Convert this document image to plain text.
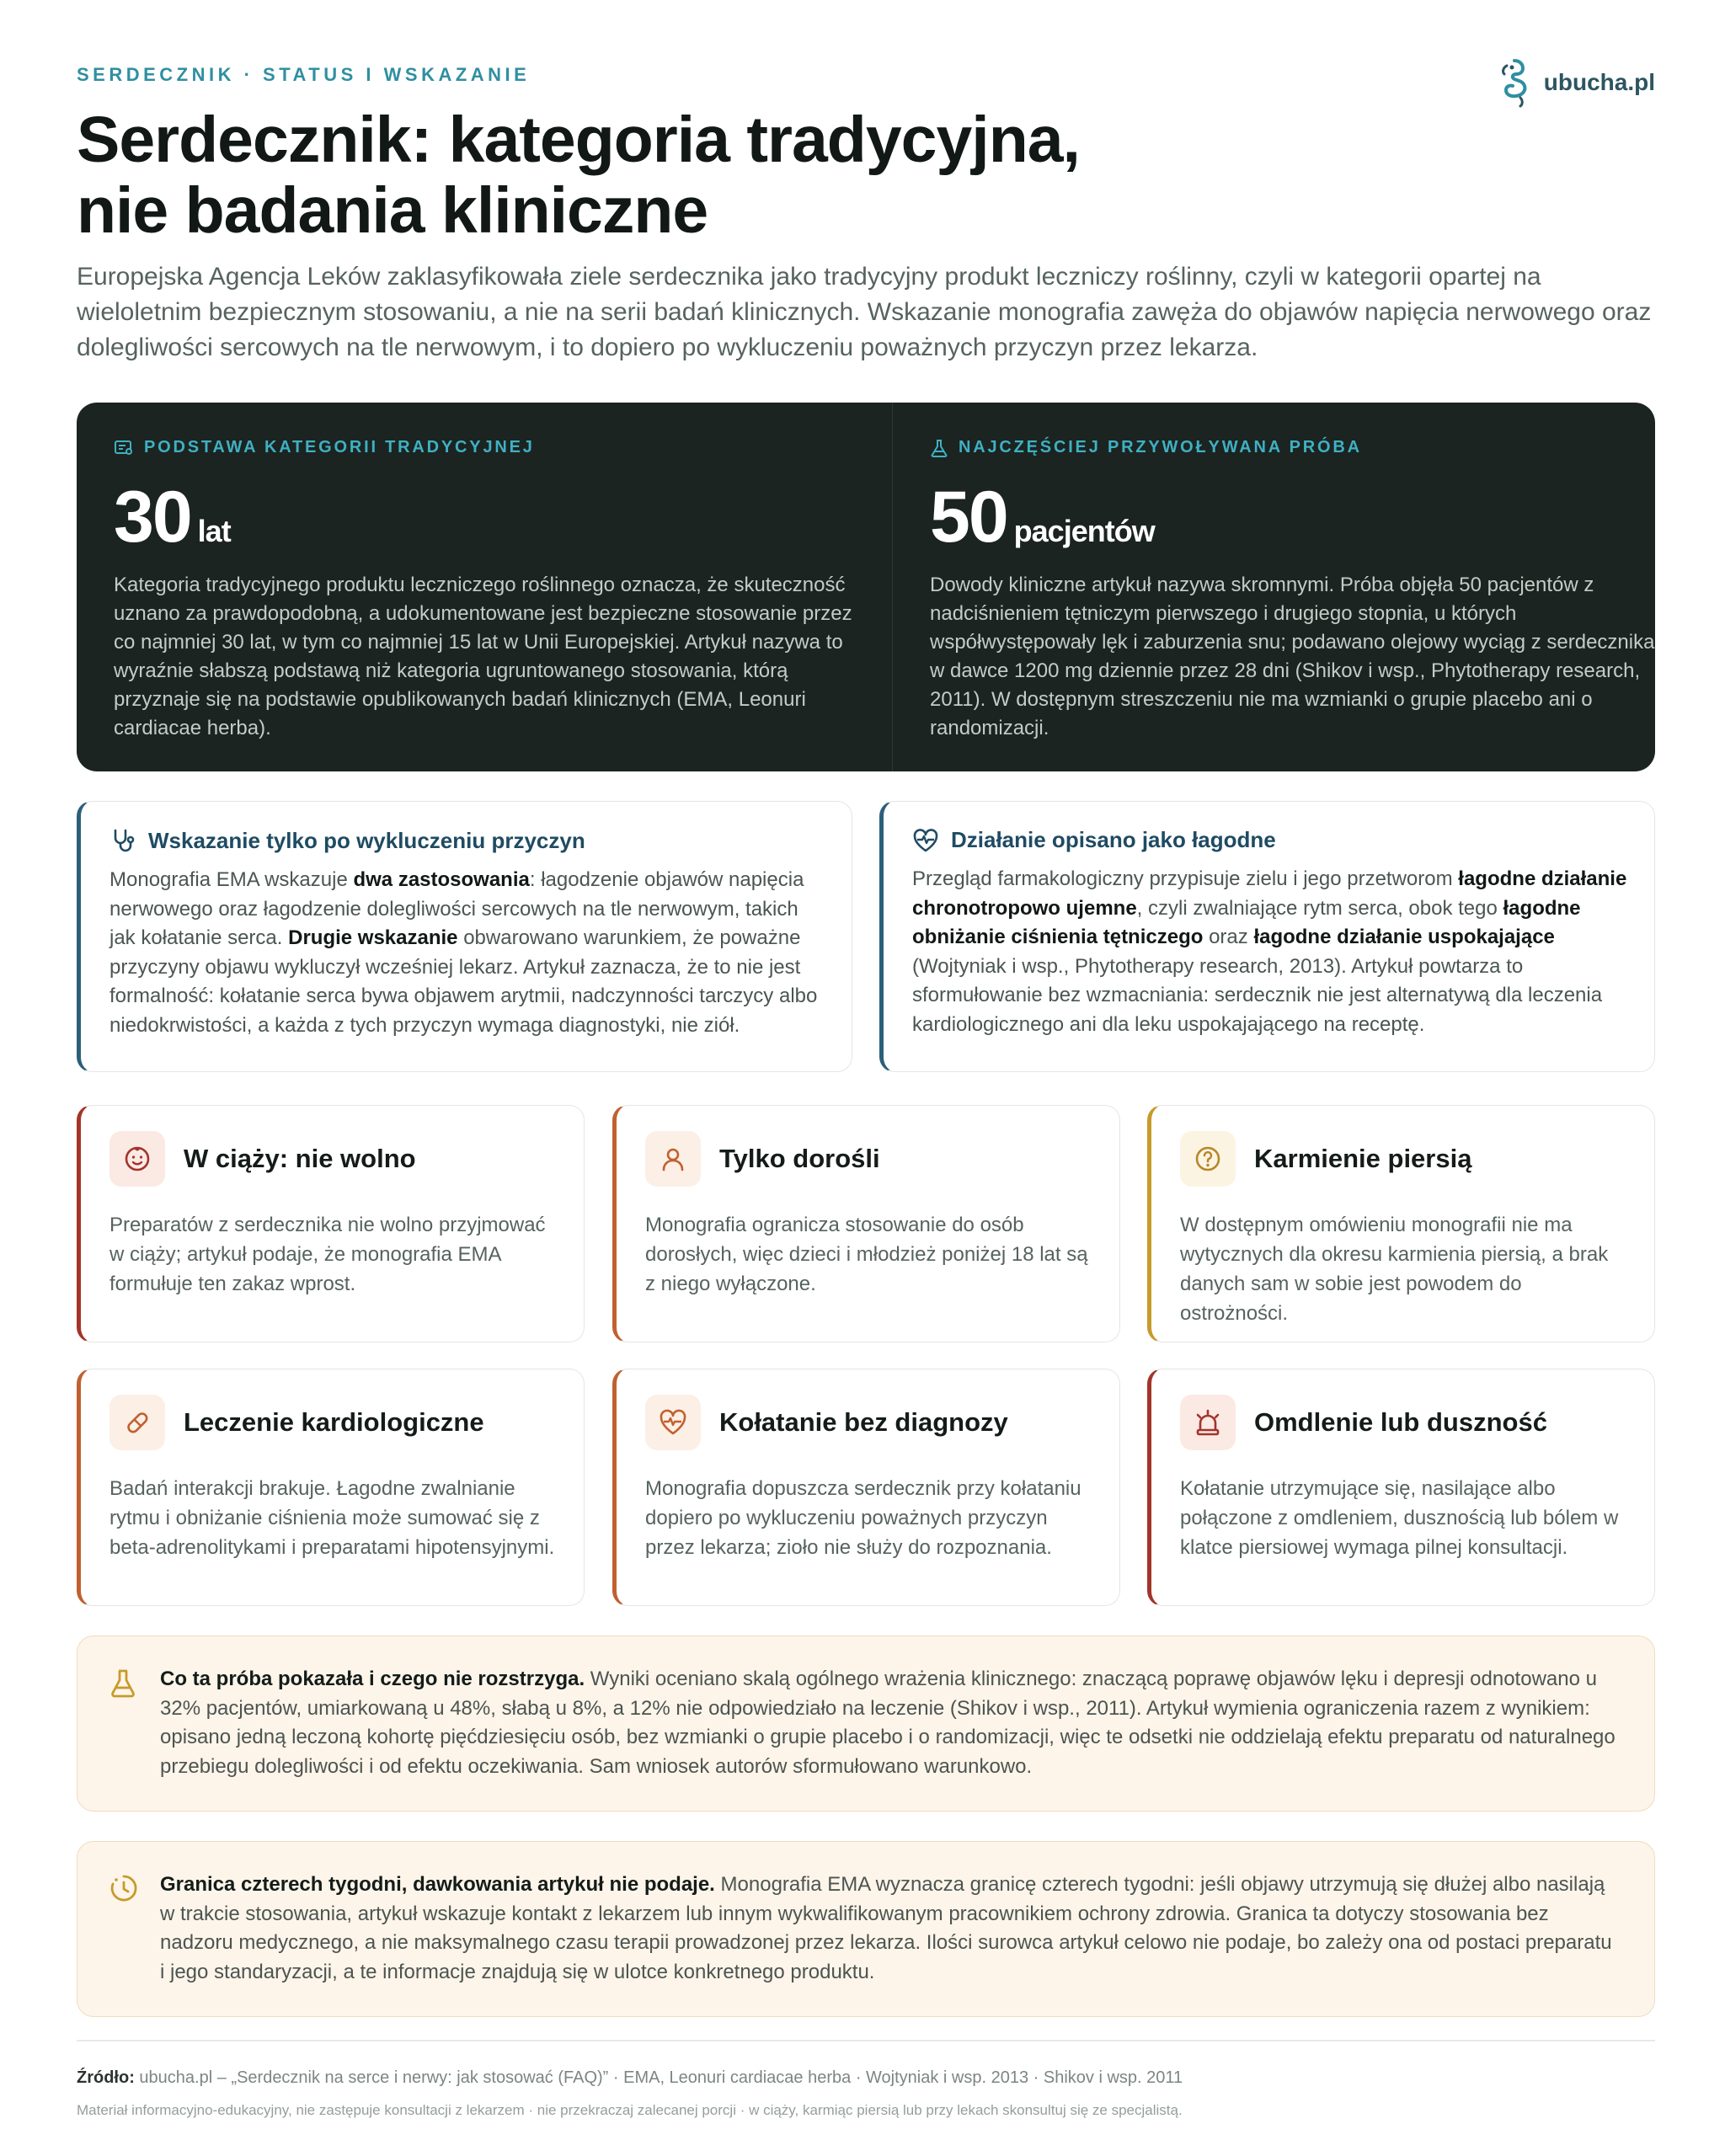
SERDECZNIK · STATUS I WSKAZANIE	ubucha.pl
Serdecznik: kategoria tradycyjna,
nie badania kliniczne

Europejska Agencja Leków zaklasyfikowała ziele serdecznika jako tradycyjny produkt leczniczy roślinny, czyli w kategorii opartej na wieloletnim bezpiecznym stosowaniu, a nie na serii badań klinicznych. Wskazanie monografia zawęża do objawów napięcia nerwowego oraz dolegliwości sercowych na tle nerwowym, i to dopiero po wykluczeniu poważnych przyczyn przez lekarza.

PODSTAWA KATEGORII TRADYCYJNEJ
30 lat

Kategoria tradycyjnego produktu leczniczego roślinnego oznacza, że skuteczność uznano za prawdopodobną, a udokumentowane jest bezpieczne stosowanie przez co najmniej 30 lat, w tym co najmniej 15 lat w Unii Europejskiej. Artykuł nazywa to wyraźnie słabszą podstawą niż kategoria ugruntowanego stosowania, którą przyznaje się na podstawie opublikowanych badań klinicznych (EMA, Leonuri cardiacae herba).

NAJCZĘŚCIEJ PRZYWOŁYWANA PRÓBA
50 pacjentów

Dowody kliniczne artykuł nazywa skromnymi. Próba objęła 50 pacjentów z nadciśnieniem tętniczym pierwszego i drugiego stopnia, u których współwystępowały lęk i zaburzenia snu; podawano olejowy wyciąg z serdecznika w dawce 1200 mg dziennie przez 28 dni (Shikov i wsp., Phytotherapy research, 2011). W dostępnym streszczeniu nie ma wzmianki o grupie placebo ani o randomizacji.

Wskazanie tylko po wykluczeniu przyczyn

Monografia EMA wskazuje dwa zastosowania: łagodzenie objawów napięcia nerwowego oraz łagodzenie dolegliwości sercowych na tle nerwowym, takich jak kołatanie serca. Drugie wskazanie obwarowano warunkiem, że poważne przyczyny objawu wykluczył wcześniej lekarz. Artykuł zaznacza, że to nie jest formalność: kołatanie serca bywa objawem arytmii, nadczynności tarczycy albo niedokrwistości, a każda z tych przyczyn wymaga diagnostyki, nie ziół.

Działanie opisano jako łagodne

Przegląd farmakologiczny przypisuje zielu i jego przetworom łagodne działanie chronotropowo ujemne, czyli zwalniające rytm serca, obok tego łagodne obniżanie ciśnienia tętniczego oraz łagodne działanie uspokajające (Wojtyniak i wsp., Phytotherapy research, 2013). Artykuł powtarza to sformułowanie bez wzmacniania: serdecznik nie jest alternatywą dla leczenia kardiologicznego ani dla leku uspokajającego na receptę.

W ciąży: nie wolno

Preparatów z serdecznika nie wolno przyjmować w ciąży; artykuł podaje, że monografia EMA formułuje ten zakaz wprost.

Tylko dorośli

Monografia ogranicza stosowanie do osób dorosłych, więc dzieci i młodzież poniżej 18 lat są z niego wyłączone.

Karmienie piersią

W dostępnym omówieniu monografii nie ma wytycznych dla okresu karmienia piersią, a brak danych sam w sobie jest powodem do ostrożności.

Leczenie kardiologiczne

Badań interakcji brakuje. Łagodne zwalnianie rytmu i obniżanie ciśnienia może sumować się z beta-adrenolitykami i preparatami hipotensyjnymi.

Kołatanie bez diagnozy

Monografia dopuszcza serdecznik przy kołataniu dopiero po wykluczeniu poważnych przyczyn przez lekarza; zioło nie służy do rozpoznania.

Omdlenie lub duszność

Kołatanie utrzymujące się, nasilające albo połączone z omdleniem, dusznością lub bólem w klatce piersiowej wymaga pilnej konsultacji.

Co ta próba pokazała i czego nie rozstrzyga. Wyniki oceniano skalą ogólnego wrażenia klinicznego: znaczącą poprawę objawów lęku i depresji odnotowano u 32% pacjentów, umiarkowaną u 48%, słabą u 8%, a 12% nie odpowiedziało na leczenie (Shikov i wsp., 2011). Artykuł wymienia ograniczenia razem z wynikiem: opisano jedną leczoną kohortę pięćdziesięciu osób, bez wzmianki o grupie placebo i o randomizacji, więc te odsetki nie oddzielają efektu preparatu od naturalnego przebiegu dolegliwości i od efektu oczekiwania. Sam wniosek autorów sformułowano warunkowo.

Granica czterech tygodni, dawkowania artykuł nie podaje. Monografia EMA wyznacza granicę czterech tygodni: jeśli objawy utrzymują się dłużej albo nasilają w trakcie stosowania, artykuł wskazuje kontakt z lekarzem lub innym wykwalifikowanym pracownikiem ochrony zdrowia. Granica ta dotyczy stosowania bez nadzoru medycznego, a nie maksymalnego czasu terapii prowadzonej przez lekarza. Ilości surowca artykuł celowo nie podaje, bo zależy ona od postaci preparatu i jego standaryzacji, a te informacje znajdują się w ulotce konkretnego produktu.

Źródło: ubucha.pl – „Serdecznik na serce i nerwy: jak stosować (FAQ)” · EMA, Leonuri cardiacae herba · Wojtyniak i wsp. 2013 · Shikov i wsp. 2011

Materiał informacyjno-edukacyjny, nie zastępuje konsultacji z lekarzem · nie przekraczaj zalecanej porcji · w ciąży, karmiąc piersią lub przy lekach skonsultuj się ze specjalistą.
